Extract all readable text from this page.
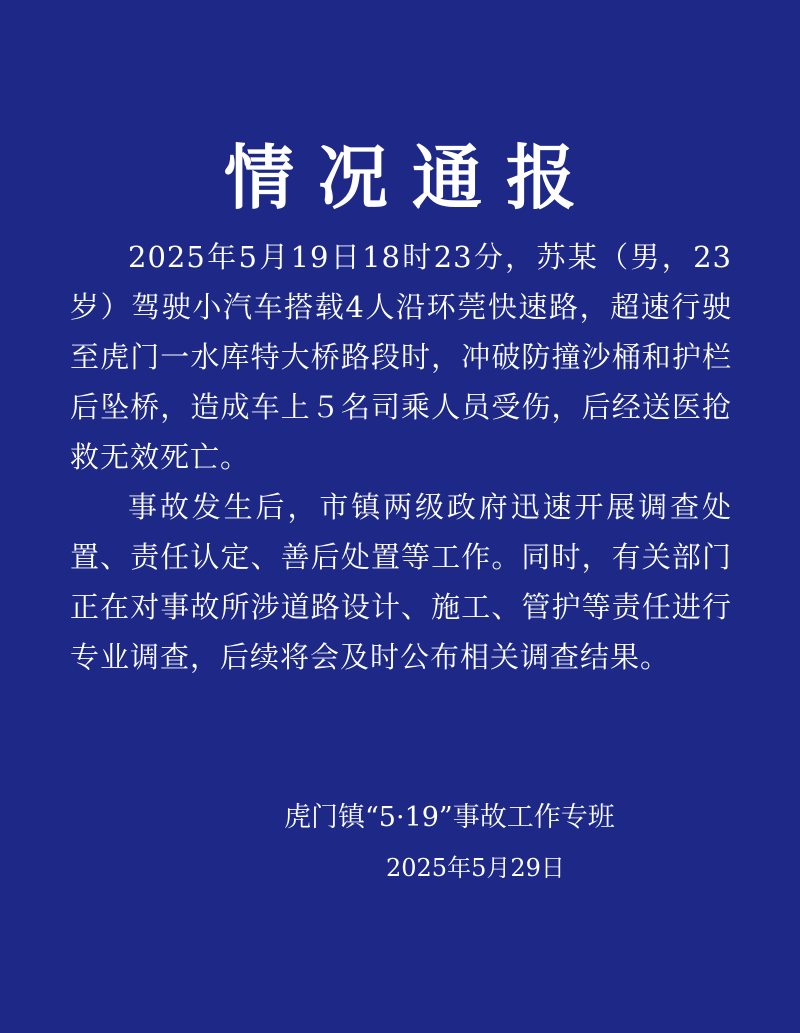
情况通报

2025年5月19日18时23分，苏某（男，23岁）驾驶小汽车搭载4人沿环莞快速路，超速行驶至虎门一水库特大桥路段时，冲破防撞沙桶和护栏后坠桥，造成车上５名司乘人员受伤，后经送医抢救无效死亡。

事故发生后，市镇两级政府迅速开展调查处置、责任认定、善后处置等工作。同时，有关部门正在对事故所涉道路设计、施工、管护等责任进行专业调查，后续将会及时公布相关调查结果。

虎门镇“5·19”事故工作专班
2025年5月29日
